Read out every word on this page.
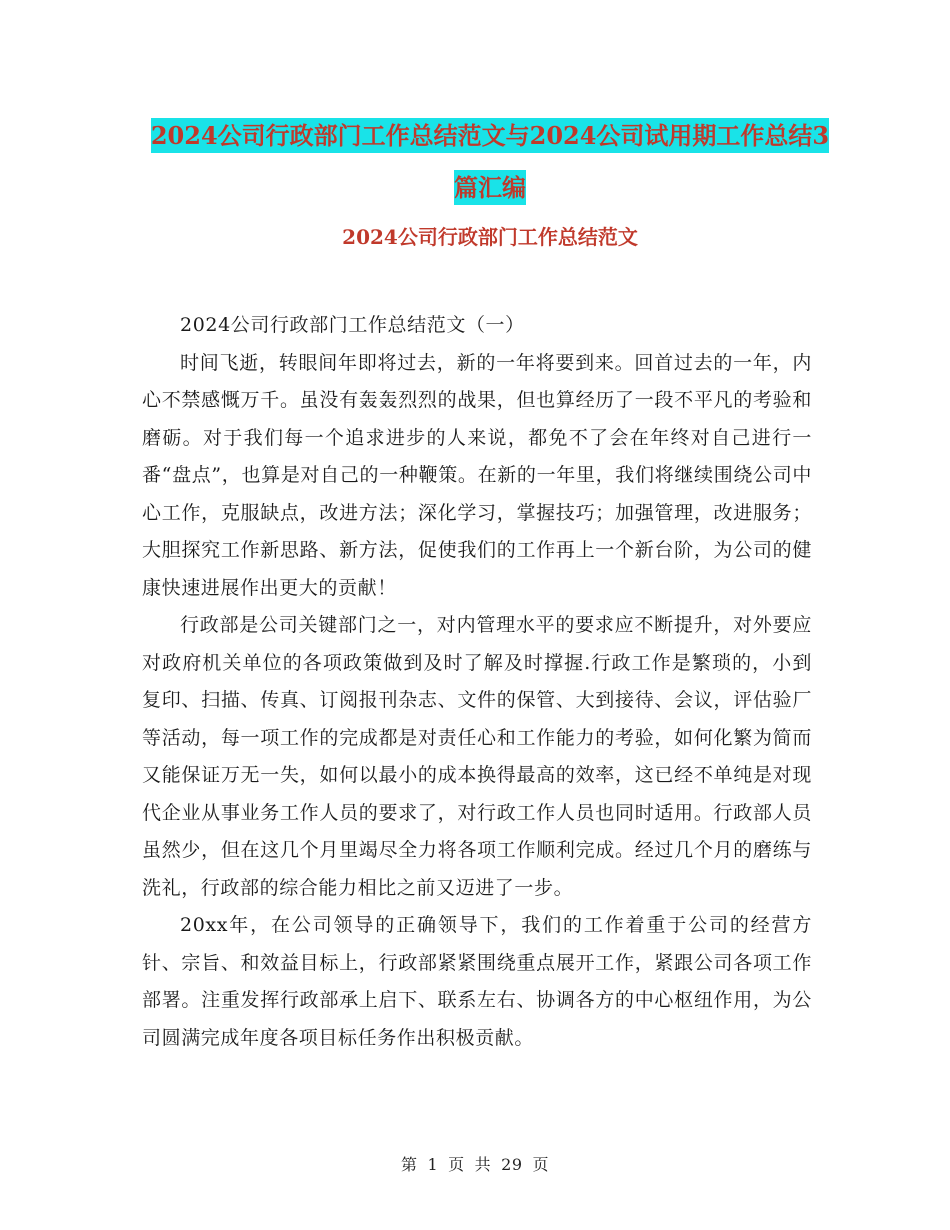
2024公司行政部门工作总结范文与2024公司试用期工作总结3篇汇编
2024公司行政部门工作总结范文

2024公司行政部门工作总结范文（一）

时间飞逝，转眼间年即将过去，新的一年将要到来。回首过去的一年，内心不禁感慨万千。虽没有轰轰烈烈的战果，但也算经历了一段不平凡的考验和磨砺。对于我们每一个追求进步的人来说，都免不了会在年终对自己进行一番“盘点”，也算是对自己的一种鞭策。在新的一年里，我们将继续围绕公司中心工作，克服缺点，改进方法；深化学习，掌握技巧；加强管理，改进服务；大胆探究工作新思路、新方法，促使我们的工作再上一个新台阶，为公司的健康快速进展作出更大的贡献！

行政部是公司关键部门之一，对内管理水平的要求应不断提升，对外要应对政府机关单位的各项政策做到及时了解及时撑握.行政工作是繁琐的，小到复印、扫描、传真、订阅报刊杂志、文件的保管、大到接待、会议，评估验厂等活动，每一项工作的完成都是对责任心和工作能力的考验，如何化繁为简而又能保证万无一失，如何以最小的成本换得最高的效率，这已经不单纯是对现代企业从事业务工作人员的要求了，对行政工作人员也同时适用。行政部人员虽然少，但在这几个月里竭尽全力将各项工作顺利完成。经过几个月的磨练与洗礼，行政部的综合能力相比之前又迈进了一步。

20xx年，在公司领导的正确领导下，我们的工作着重于公司的经营方针、宗旨、和效益目标上，行政部紧紧围绕重点展开工作，紧跟公司各项工作部署。注重发挥行政部承上启下、联系左右、协调各方的中心枢纽作用，为公司圆满完成年度各项目标任务作出积极贡献。

第 1 页 共 29 页
